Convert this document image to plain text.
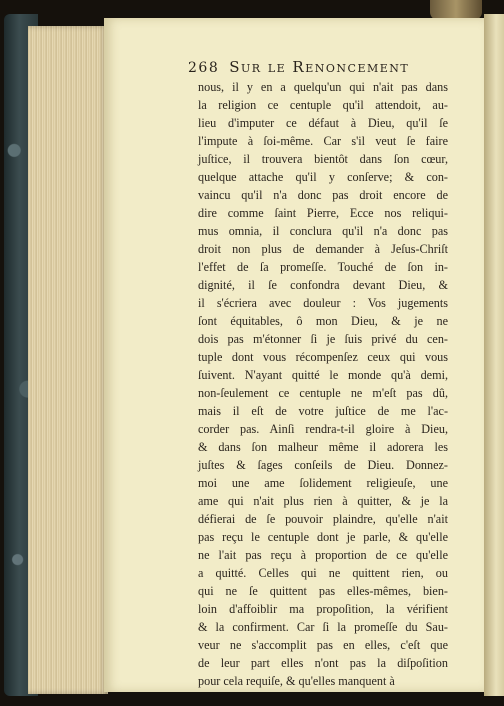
268 Sur le Renoncement
nous, il y en a quelqu'un qui n'ait pas dans
la religion ce centuple qu'il attendoit, au-
lieu d'imputer ce défaut à Dieu, qu'il ſe
l'impute à ſoi-même. Car s'il veut ſe faire
juſtice, il trouvera bientôt dans ſon cœur,
quelque attache qu'il y conſerve; & con-
vaincu qu'il n'a donc pas droit encore de
dire comme ſaint Pierre, Ecce nos reliqui-
mus omnia, il conclura qu'il n'a donc pas
droit non plus de demander à Jeſus-Chriſt
l'effet de ſa promeſſe. Touché de ſon in-
dignité, il ſe confondra devant Dieu, &
il s'écriera avec douleur : Vos jugements
ſont équitables, ô mon Dieu, & je ne
dois pas m'étonner ſi je ſuis privé du cen-
tuple dont vous récompenſez ceux qui vous
ſuivent. N'ayant quitté le monde qu'à demi,
non-ſeulement ce centuple ne m'eſt pas dû,
mais il eſt de votre juſtice de me l'ac-
corder pas. Ainſi rendra-t-il gloire à Dieu,
& dans ſon malheur même il adorera les
juſtes & ſages conſeils de Dieu. Donnez-
moi une ame ſolidement religieuſe, une
ame qui n'ait plus rien à quitter, & je la
défierai de ſe pouvoir plaindre, qu'elle n'ait
pas reçu le centuple dont je parle, & qu'elle
ne l'ait pas reçu à proportion de ce qu'elle
a quitté. Celles qui ne quittent rien, ou
qui ne ſe quittent pas elles-mêmes, bien-
loin d'affoiblir ma propoſition, la vérifient
& la confirment. Car ſi la promeſſe du Sau-
veur ne s'accomplit pas en elles, c'eſt que
de leur part elles n'ont pas la diſpoſition
pour cela requiſe, & qu'elles manquent à
